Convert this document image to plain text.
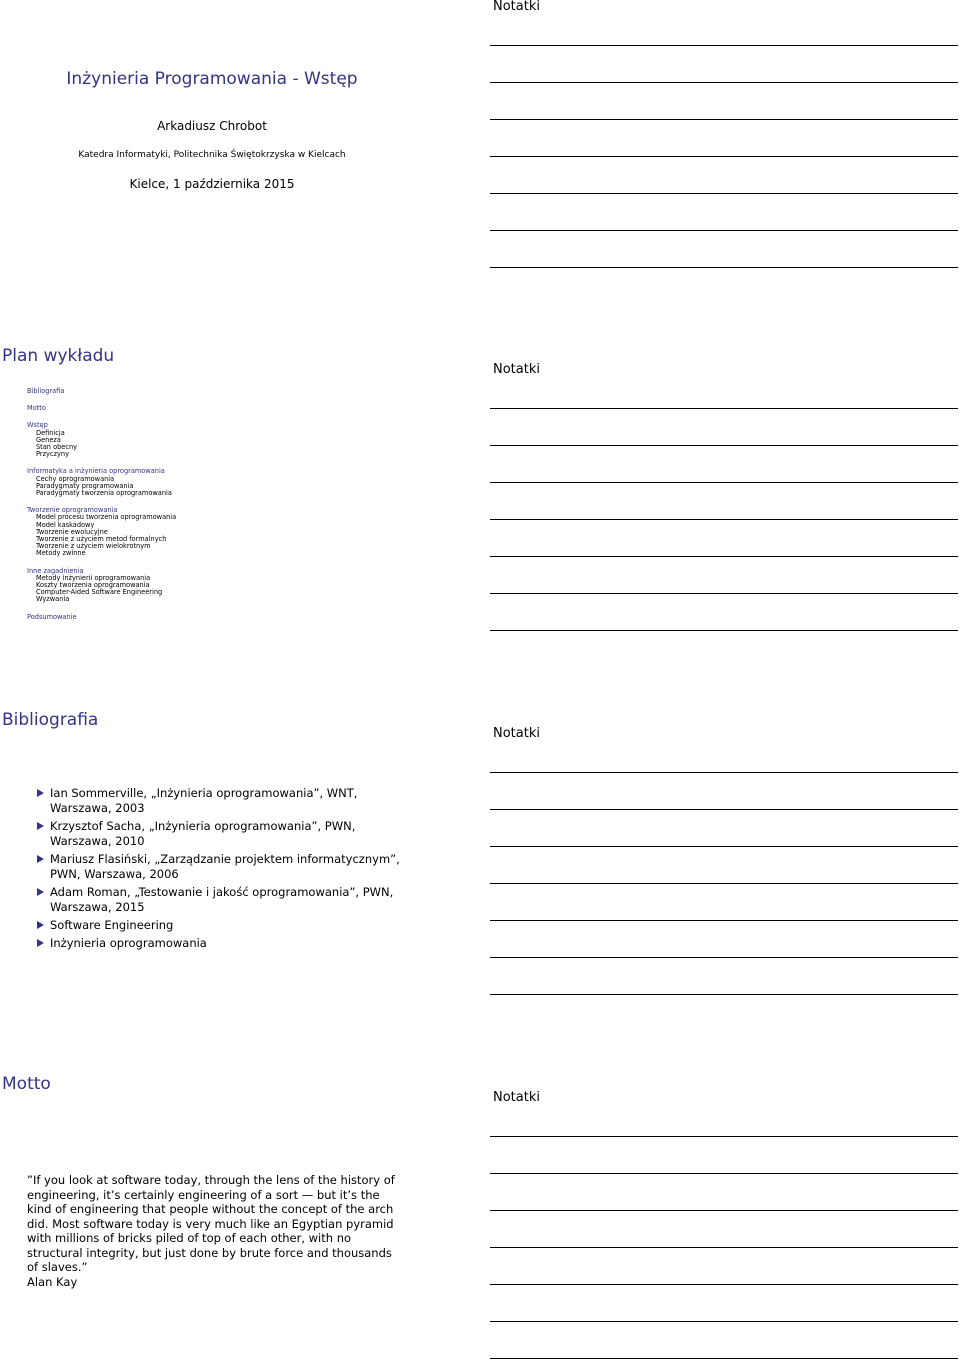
Inżynieria Programowania - Wstęp
Arkadiusz Chrobot
Katedra Informatyki, Politechnika Świętokrzyska w Kielcach
Kielce, 1 października 2015
Notatki
Plan wykładu
Bibliografia
Motto
Wstęp
Definicja
Geneza
Stan obecny
Przyczyny
Informatyka a inżynieria oprogramowania
Cechy oprogramowania
Paradygmaty programowania
Paradygmaty tworzenia oprogramowania
Tworzenie oprogramowania
Model procesu tworzenia oprogramowania
Model kaskadowy
Tworzenie ewolucyjne
Tworzenie z użyciem metod formalnych
Tworzenie z użyciem wielokrotnym
Metody zwinne
Inne zagadnienia
Metody inżynierii oprogramowania
Koszty tworzenia oprogramowania
Computer-Aided Software Engineering
Wyzwania
Podsumowanie
Notatki
Bibliografia
Ian Sommerville, „Inżynieria oprogramowania”, WNT, Warszawa, 2003
Krzysztof Sacha, „Inżynieria oprogramowania”, PWN, Warszawa, 2010
Mariusz Flasiński, „Zarządzanie projektem informatycznym”, PWN, Warszawa, 2006
Adam Roman, „Testowanie i jakość oprogramowania”, PWN, Warszawa, 2015
Software Engineering
Inżynieria oprogramowania
Notatki
Motto
”If you look at software today, through the lens of the history of engineering, it’s certainly engineering of a sort — but it’s the kind of engineering that people without the concept of the arch did. Most software today is very much like an Egyptian pyramid with millions of bricks piled of top of each other, with no structural integrity, but just done by brute force and thousands of slaves.”
Alan Kay
Notatki
